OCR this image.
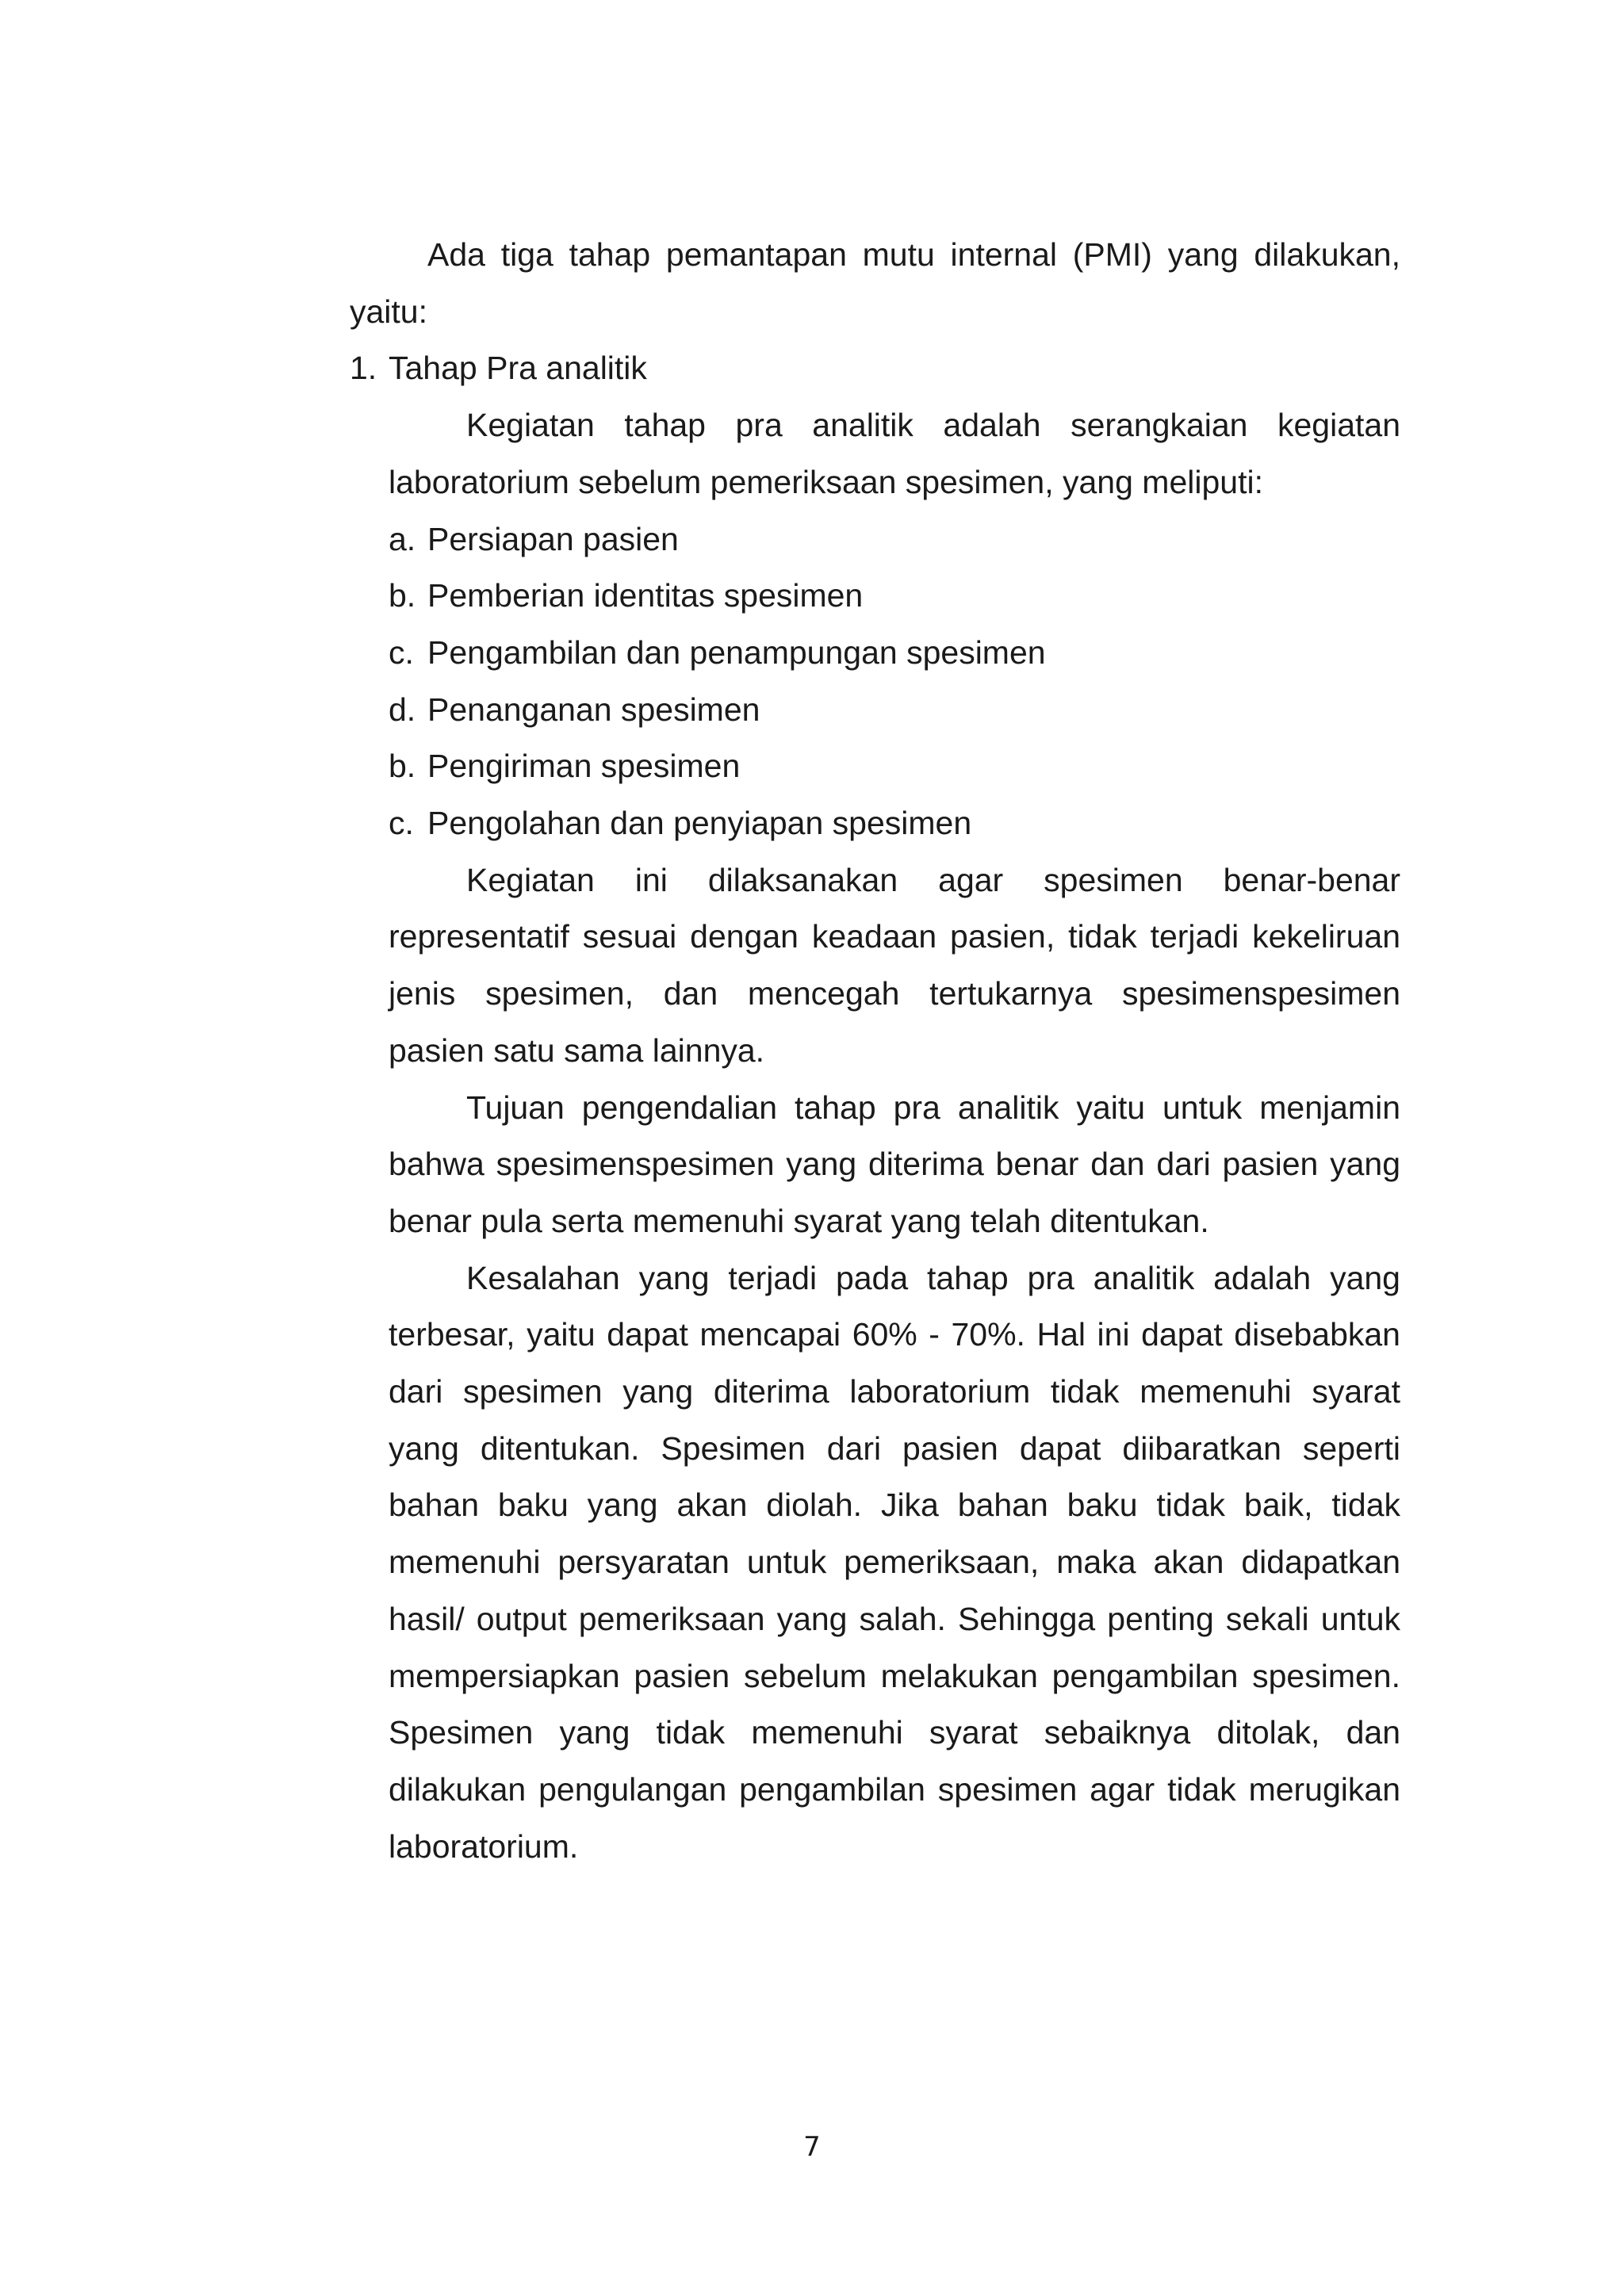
Ada tiga tahap pemantapan mutu internal (PMI) yang dilakukan, yaitu:

1. Tahap Pra analitik

Kegiatan tahap pra analitik adalah serangkaian kegiatan laboratorium sebelum pemeriksaan spesimen, yang meliputi:

a. Persiapan pasien
b. Pemberian identitas spesimen
c. Pengambilan dan penampungan spesimen
d. Penanganan spesimen
b. Pengiriman spesimen
c. Pengolahan dan penyiapan spesimen

Kegiatan ini dilaksanakan agar spesimen benar-benar representatif sesuai dengan keadaan pasien, tidak terjadi kekeliruan jenis spesimen, dan mencegah tertukarnya spesimenspesimen pasien satu sama lainnya.

Tujuan pengendalian tahap pra analitik yaitu untuk menjamin bahwa spesimenspesimen yang diterima benar dan dari pasien yang benar pula serta memenuhi syarat yang telah ditentukan.

Kesalahan yang terjadi pada tahap pra analitik adalah yang terbesar, yaitu dapat mencapai 60% - 70%. Hal ini dapat disebabkan dari spesimen yang diterima laboratorium tidak memenuhi syarat yang ditentukan. Spesimen dari pasien dapat diibaratkan seperti bahan baku yang akan diolah. Jika bahan baku tidak baik, tidak memenuhi persyaratan untuk pemeriksaan, maka akan didapatkan hasil/ output pemeriksaan yang salah. Sehingga penting sekali untuk mempersiapkan pasien sebelum melakukan pengambilan spesimen. Spesimen yang tidak memenuhi syarat sebaiknya ditolak, dan dilakukan pengulangan pengambilan spesimen agar tidak merugikan laboratorium.

7
